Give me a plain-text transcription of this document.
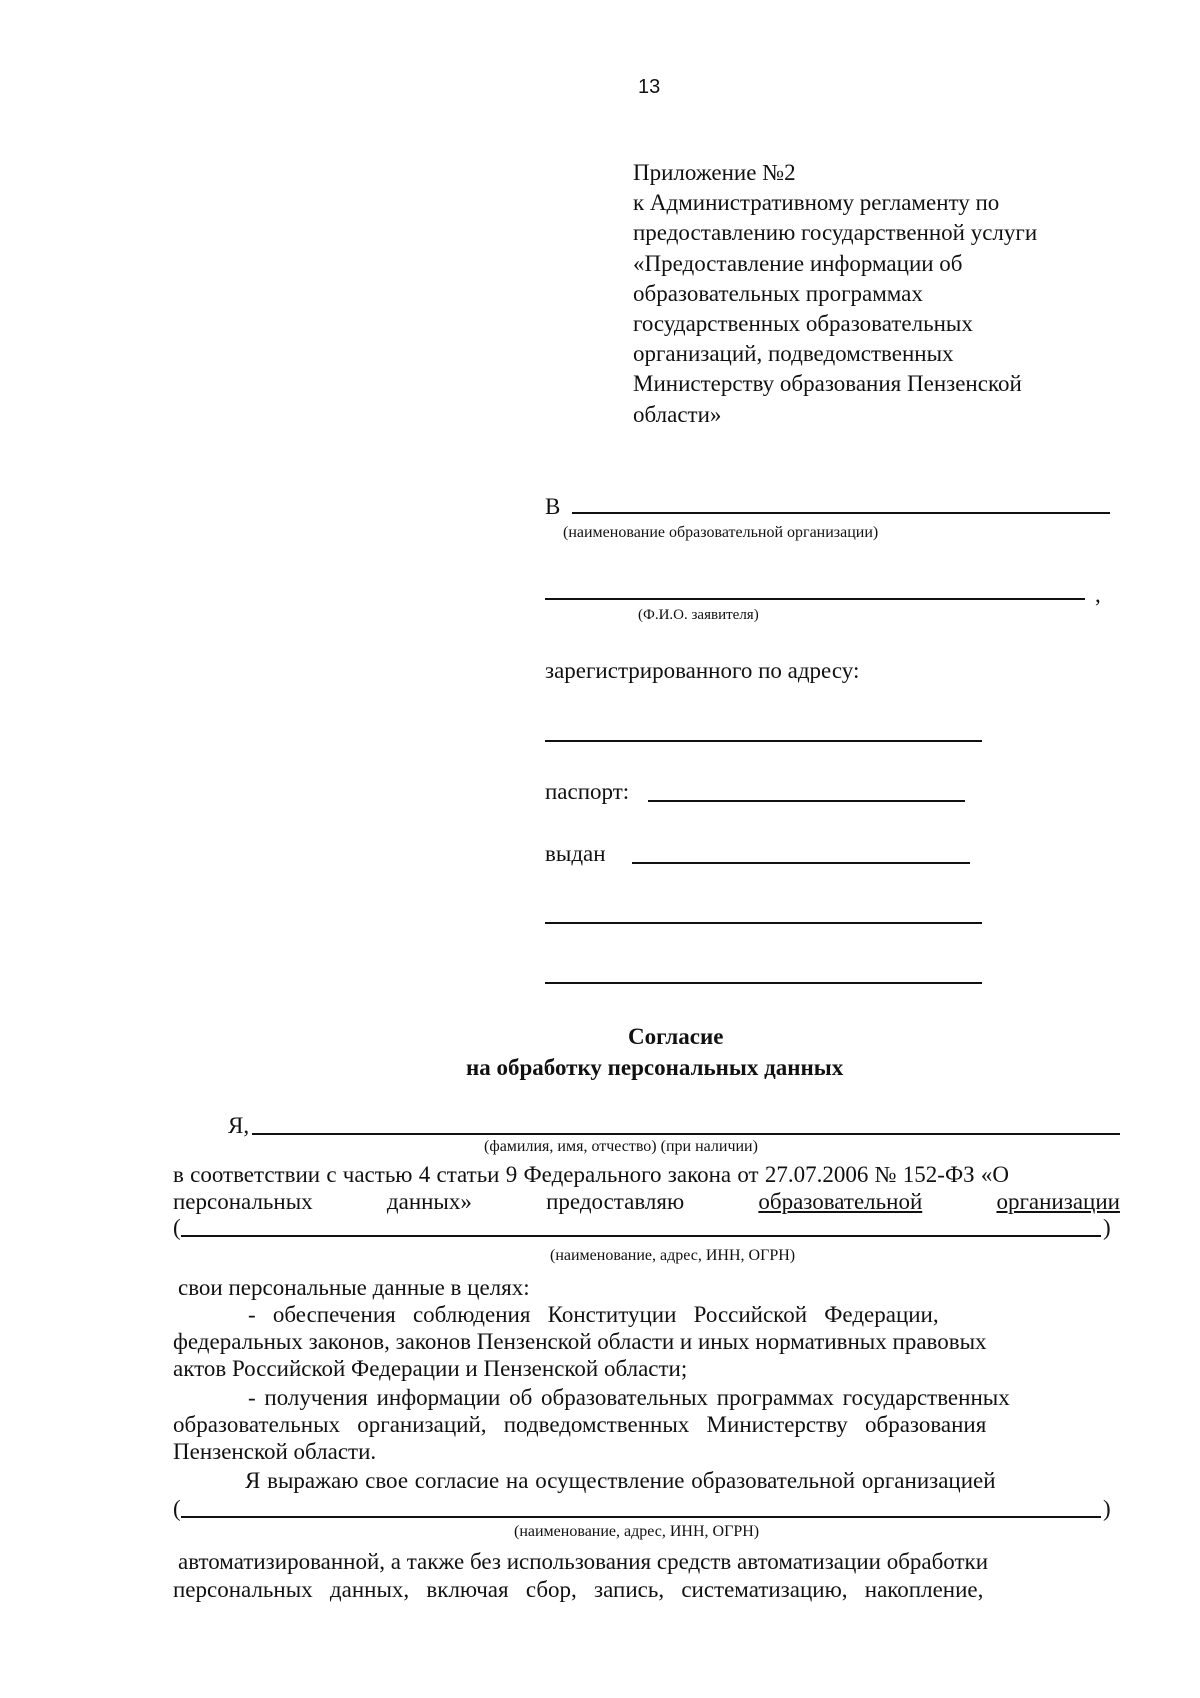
13
Приложение №2
к Административному регламенту по
предоставлению государственной услуги
«Предоставление информации об
образовательных программах
государственных образовательных
организаций, подведомственных
Министерству образования Пензенской
области»
В
(наименование образовательной организации)
,
(Ф.И.О. заявителя)
зарегистрированного по адресу:
паспорт:
выдан
Согласие
на обработку персональных данных
Я,
(фамилия, имя, отчество) (при наличии)
в соответствии с частью 4 статьи 9 Федерального закона от 27.07.2006 № 152-ФЗ «О
персональных	данных»	предоставляю	образовательной	организации
(	)
(наименование, адрес, ИНН, ОГРН)
свои персональные данные в целях:
-   обеспечения   соблюдения   Конституции   Российской   Федерации,
федеральных законов, законов Пензенской области и иных нормативных правовых
актов Российской Федерации и Пензенской области;
- получения информации об образовательных программах государственных
образовательных   организаций,   подведомственных   Министерству   образования
Пензенской области.
Я выражаю свое согласие на осуществление образовательной организацией
(	)
(наименование, адрес, ИНН, ОГРН)
автоматизированной, а также без использования средств автоматизации обработки
персональных   данных,   включая   сбор,   запись,   систематизацию,   накопление,
